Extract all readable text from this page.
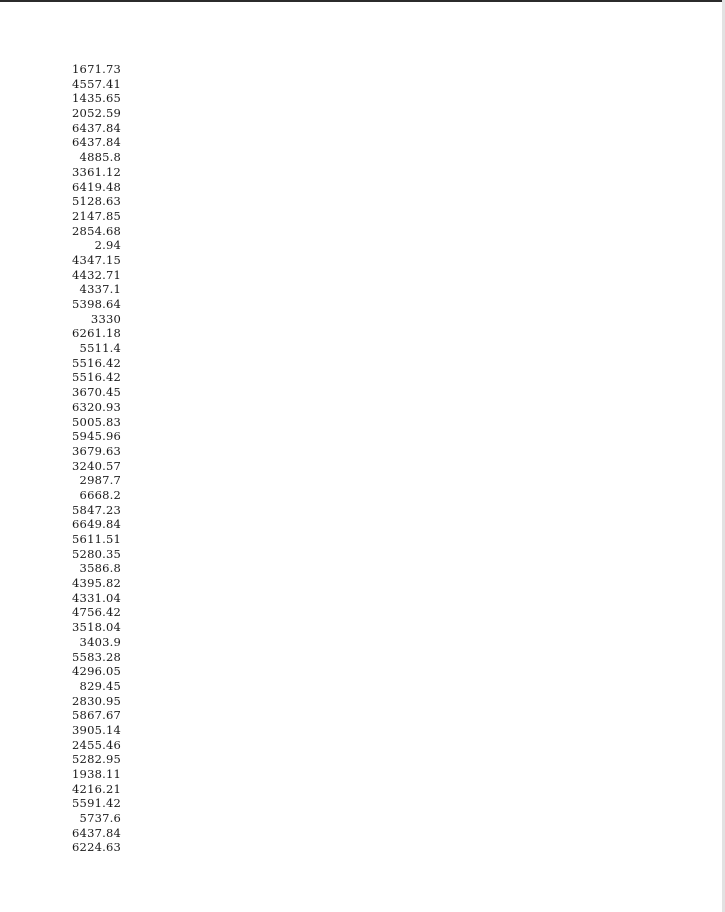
1671.73
4557.41
1435.65
2052.59
6437.84
6437.84
4885.8
3361.12
6419.48
5128.63
2147.85
2854.68
2.94
4347.15
4432.71
4337.1
5398.64
3330
6261.18
5511.4
5516.42
5516.42
3670.45
6320.93
5005.83
5945.96
3679.63
3240.57
2987.7
6668.2
5847.23
6649.84
5611.51
5280.35
3586.8
4395.82
4331.04
4756.42
3518.04
3403.9
5583.28
4296.05
829.45
2830.95
5867.67
3905.14
2455.46
5282.95
1938.11
4216.21
5591.42
5737.6
6437.84
6224.63
